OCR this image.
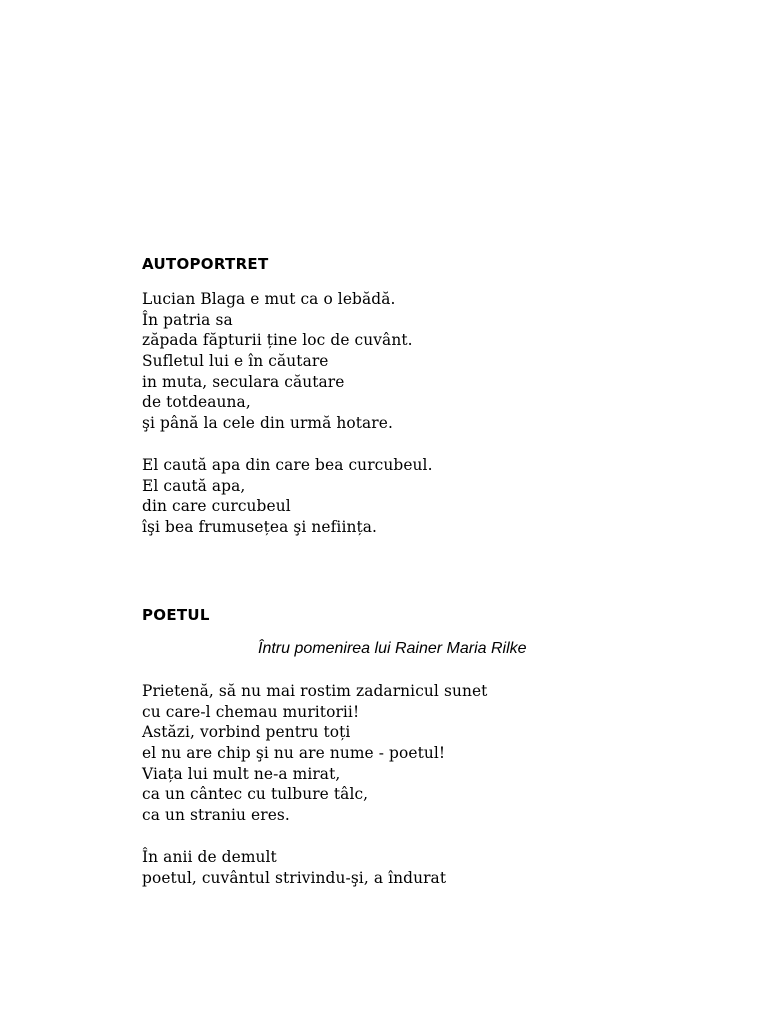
AUTOPORTRET
Lucian Blaga e mut ca o lebădă.
În patria sa
zăpada făpturii ține loc de cuvânt.
Sufletul lui e în căutare
in muta, seculara căutare
de totdeauna,
şi până la cele din urmă hotare.
El caută apa din care bea curcubeul.
El caută apa,
din care curcubeul
îşi bea frumusețea şi neființa.
POETUL

Întru pomenirea lui Rainer Maria Rilke

Prietenă, să nu mai rostim zadarnicul sunet
cu care-l chemau muritorii!
Astăzi, vorbind pentru toți
el nu are chip şi nu are nume - poetul!
Viața lui mult ne-a mirat,
ca un cântec cu tulbure tâlc,
ca un straniu eres.
În anii de demult
poetul, cuvântul strivindu-şi, a îndurat
